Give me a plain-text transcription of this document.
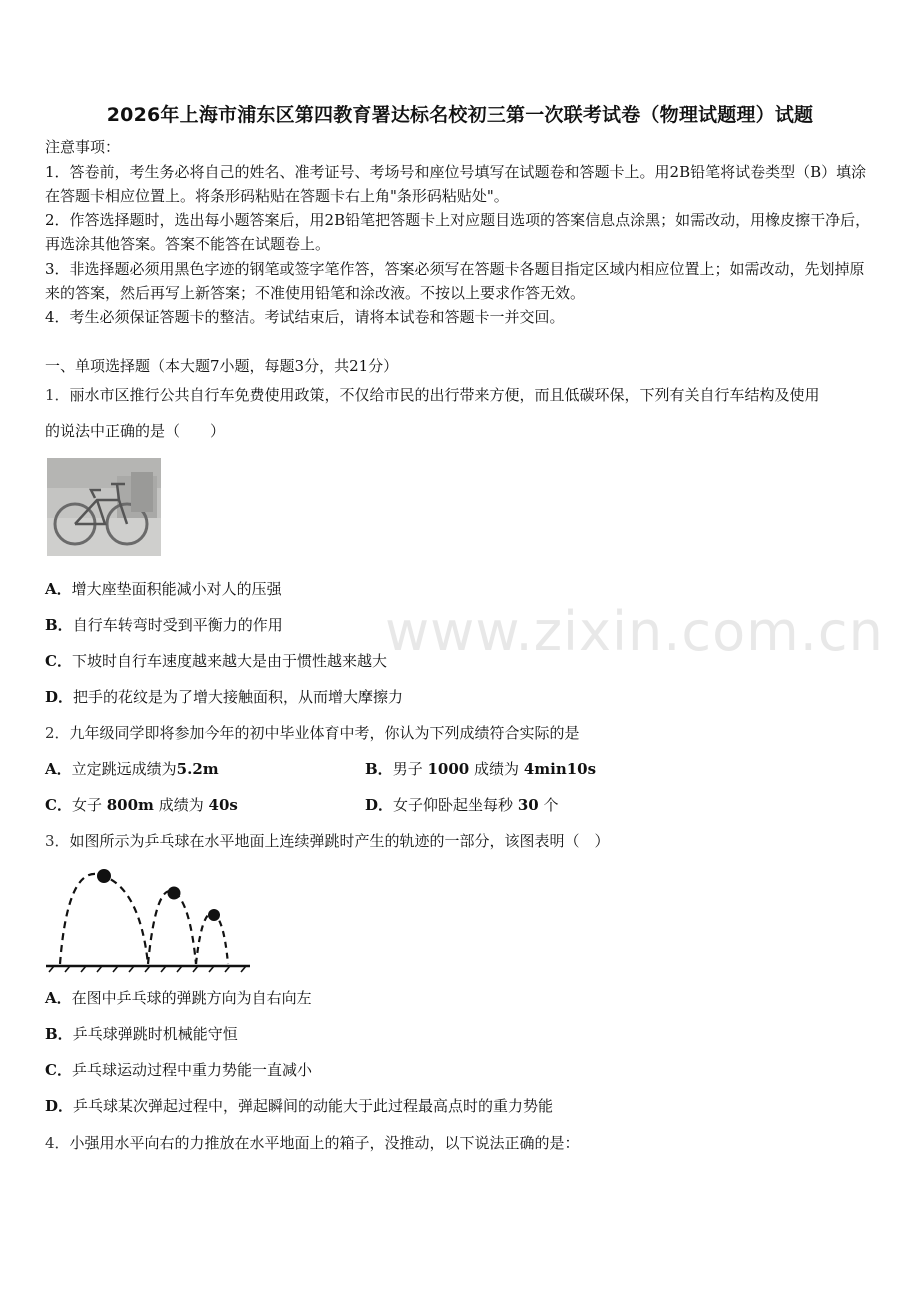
2026年上海市浦东区第四教育署达标名校初三第一次联考试卷（物理试题理）试题
注意事项：
1．答卷前，考生务必将自己的姓名、准考证号、考场号和座位号填写在试题卷和答题卡上。用2B铅笔将试卷类型（B）填涂在答题卡相应位置上。将条形码粘贴在答题卡右上角"条形码粘贴处"。
2．作答选择题时，选出每小题答案后，用2B铅笔把答题卡上对应题目选项的答案信息点涂黑；如需改动，用橡皮擦干净后，再选涂其他答案。答案不能答在试题卷上。
3．非选择题必须用黑色字迹的钢笔或签字笔作答，答案必须写在答题卡各题目指定区域内相应位置上；如需改动，先划掉原来的答案，然后再写上新答案；不准使用铅笔和涂改液。不按以上要求作答无效。
4．考生必须保证答题卡的整洁。考试结束后，请将本试卷和答题卡一并交回。
一、单项选择题（本大题7小题，每题3分，共21分）
1．丽水市区推行公共自行车免费使用政策，不仅给市民的出行带来方便，而且低碳环保，下列有关自行车结构及使用
的说法中正确的是（　　）
A．增大座垫面积能减小对人的压强
B．自行车转弯时受到平衡力的作用
C．下坡时自行车速度越来越大是由于惯性越来越大
D．把手的花纹是为了增大接触面积，从而增大摩擦力
www.zixin.com.cn
2．九年级同学即将参加今年的初中毕业体育中考，你认为下列成绩符合实际的是
A．立定跳远成绩为5.2m	B．男子 1000 成绩为 4min10s
C．女子 800m 成绩为 40s	D．女子仰卧起坐每秒 30 个
3．如图所示为乒乓球在水平地面上连续弹跳时产生的轨迹的一部分，该图表明（　）
A．在图中乒乓球的弹跳方向为自右向左
B．乒乓球弹跳时机械能守恒
C．乒乓球运动过程中重力势能一直减小
D．乒乓球某次弹起过程中，弹起瞬间的动能大于此过程最高点时的重力势能
4．小强用水平向右的力推放在水平地面上的箱子，没推动，以下说法正确的是：
